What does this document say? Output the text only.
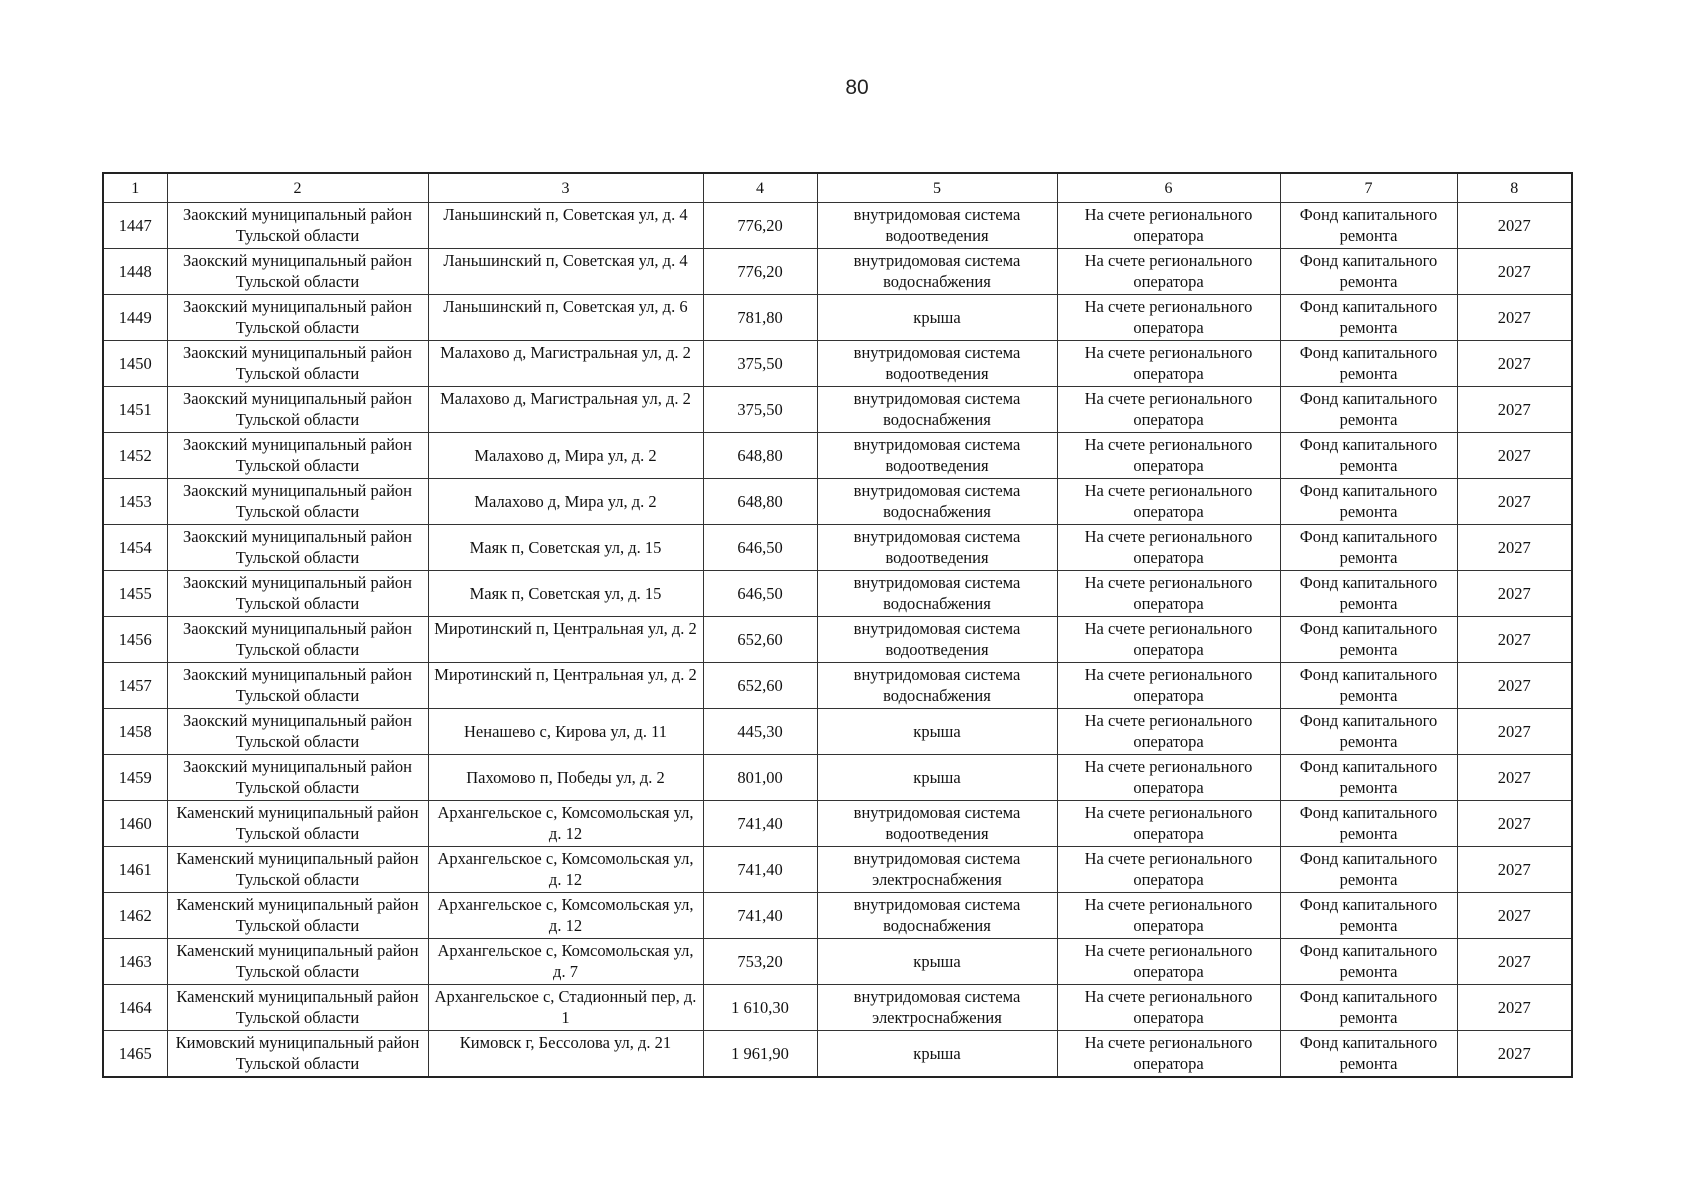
80
1	2	3	4	5	6	7	8
1447	Заокский муниципальный район Тульской области	Ланьшинский п, Советская ул, д. 4	776,20	внутридомовая система водоотведения	На счете регионального оператора	Фонд капитального ремонта	2027
1448	Заокский муниципальный район Тульской области	Ланьшинский п, Советская ул, д. 4	776,20	внутридомовая система водоснабжения	На счете регионального оператора	Фонд капитального ремонта	2027
1449	Заокский муниципальный район Тульской области	Ланьшинский п, Советская ул, д. 6	781,80	крыша	На счете регионального оператора	Фонд капитального ремонта	2027
1450	Заокский муниципальный район Тульской области	Малахово д, Магистральная ул, д. 2	375,50	внутридомовая система водоотведения	На счете регионального оператора	Фонд капитального ремонта	2027
1451	Заокский муниципальный район Тульской области	Малахово д, Магистральная ул, д. 2	375,50	внутридомовая система водоснабжения	На счете регионального оператора	Фонд капитального ремонта	2027
1452	Заокский муниципальный район Тульской области	Малахово д, Мира ул, д. 2	648,80	внутридомовая система водоотведения	На счете регионального оператора	Фонд капитального ремонта	2027
1453	Заокский муниципальный район Тульской области	Малахово д, Мира ул, д. 2	648,80	внутридомовая система водоснабжения	На счете регионального оператора	Фонд капитального ремонта	2027
1454	Заокский муниципальный район Тульской области	Маяк п, Советская ул, д. 15	646,50	внутридомовая система водоотведения	На счете регионального оператора	Фонд капитального ремонта	2027
1455	Заокский муниципальный район Тульской области	Маяк п, Советская ул, д. 15	646,50	внутридомовая система водоснабжения	На счете регионального оператора	Фонд капитального ремонта	2027
1456	Заокский муниципальный район Тульской области	Миротинский п, Центральная ул, д. 2	652,60	внутридомовая система водоотведения	На счете регионального оператора	Фонд капитального ремонта	2027
1457	Заокский муниципальный район Тульской области	Миротинский п, Центральная ул, д. 2	652,60	внутридомовая система водоснабжения	На счете регионального оператора	Фонд капитального ремонта	2027
1458	Заокский муниципальный район Тульской области	Ненашево с, Кирова ул, д. 11	445,30	крыша	На счете регионального оператора	Фонд капитального ремонта	2027
1459	Заокский муниципальный район Тульской области	Пахомово п, Победы ул, д. 2	801,00	крыша	На счете регионального оператора	Фонд капитального ремонта	2027
1460	Каменский муниципальный район Тульской области	Архангельское с, Комсомольская ул, д. 12	741,40	внутридомовая система водоотведения	На счете регионального оператора	Фонд капитального ремонта	2027
1461	Каменский муниципальный район Тульской области	Архангельское с, Комсомольская ул, д. 12	741,40	внутридомовая система электроснабжения	На счете регионального оператора	Фонд капитального ремонта	2027
1462	Каменский муниципальный район Тульской области	Архангельское с, Комсомольская ул, д. 12	741,40	внутридомовая система водоснабжения	На счете регионального оператора	Фонд капитального ремонта	2027
1463	Каменский муниципальный район Тульской области	Архангельское с, Комсомольская ул, д. 7	753,20	крыша	На счете регионального оператора	Фонд капитального ремонта	2027
1464	Каменский муниципальный район Тульской области	Архангельское с, Стадионный пер, д. 1	1 610,30	внутридомовая система электроснабжения	На счете регионального оператора	Фонд капитального ремонта	2027
1465	Кимовский муниципальный район Тульской области	Кимовск г, Бессолова ул, д. 21	1 961,90	крыша	На счете регионального оператора	Фонд капитального ремонта	2027
